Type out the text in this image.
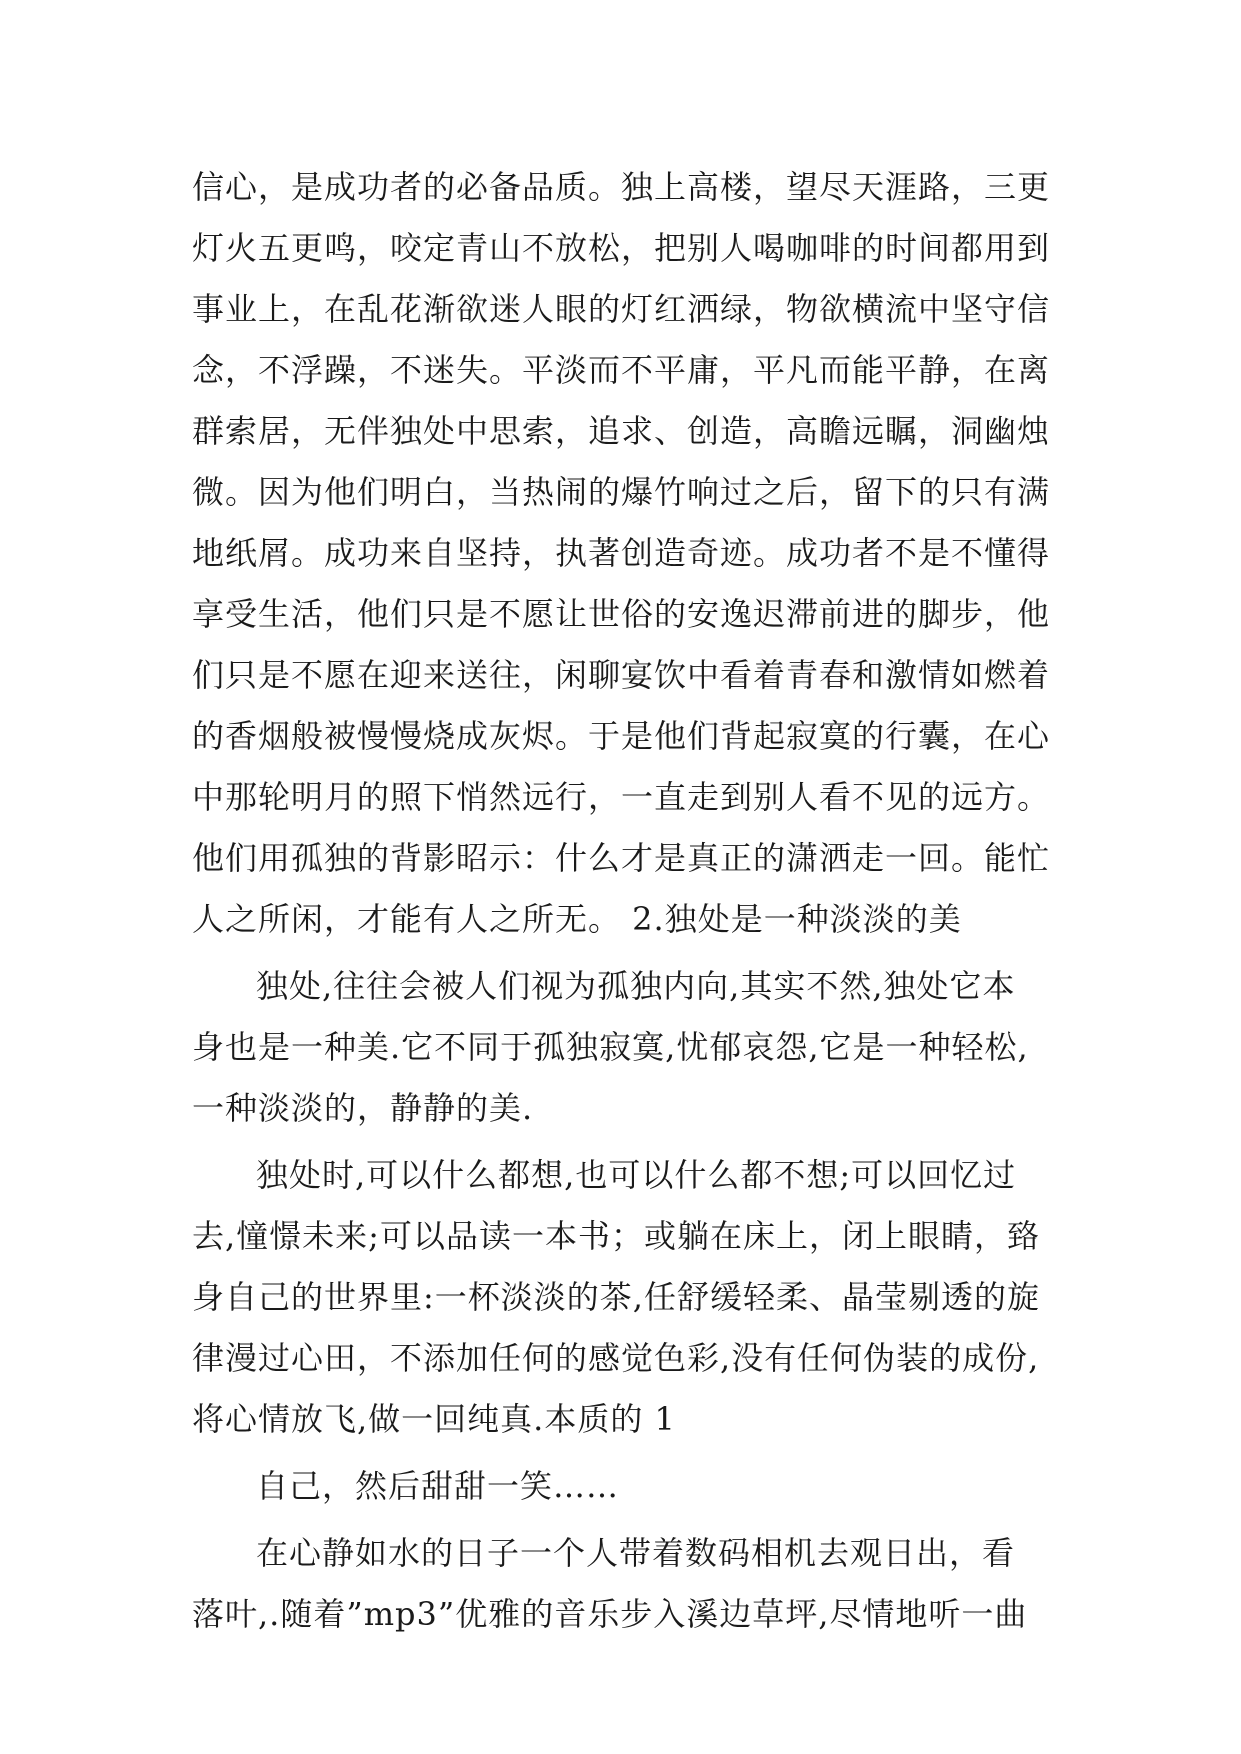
信心，是成功者的必备品质。独上高楼，望尽天涯路，三更
灯火五更鸣，咬定青山不放松，把别人喝咖啡的时间都用到
事业上，在乱花渐欲迷人眼的灯红洒绿，物欲横流中坚守信
念，不浮躁，不迷失。平淡而不平庸，平凡而能平静，在离
群索居，无伴独处中思索，追求、创造，高瞻远瞩，洞幽烛
微。因为他们明白，当热闹的爆竹响过之后，留下的只有满
地纸屑。成功来自坚持，执著创造奇迹。成功者不是不懂得
享受生活，他们只是不愿让世俗的安逸迟滞前进的脚步，他
们只是不愿在迎来送往，闲聊宴饮中看着青春和激情如燃着
的香烟般被慢慢烧成灰烬。于是他们背起寂寞的行囊，在心
中那轮明月的照下悄然远行，一直走到别人看不见的远方。
他们用孤独的背影昭示：什么才是真正的潇洒走一回。能忙
人之所闲，才能有人之所无。 2.独处是一种淡淡的美
独处,往往会被人们视为孤独内向,其实不然,独处它本
身也是一种美.它不同于孤独寂寞,忧郁哀怨,它是一种轻松,
一种淡淡的，静静的美.
独处时,可以什么都想,也可以什么都不想;可以回忆过
去,憧憬未来;可以品读一本书；或躺在床上，闭上眼睛，臵
身自己的世界里:一杯淡淡的茶,任舒缓轻柔、晶莹剔透的旋
律漫过心田，不添加任何的感觉色彩,没有任何伪装的成份,
将心情放飞,做一回纯真.本质的 1
自己，然后甜甜一笑……
在心静如水的日子一个人带着数码相机去观日出，看
落叶,.随着”mp3”优雅的音乐步入溪边草坪,尽情地听一曲
